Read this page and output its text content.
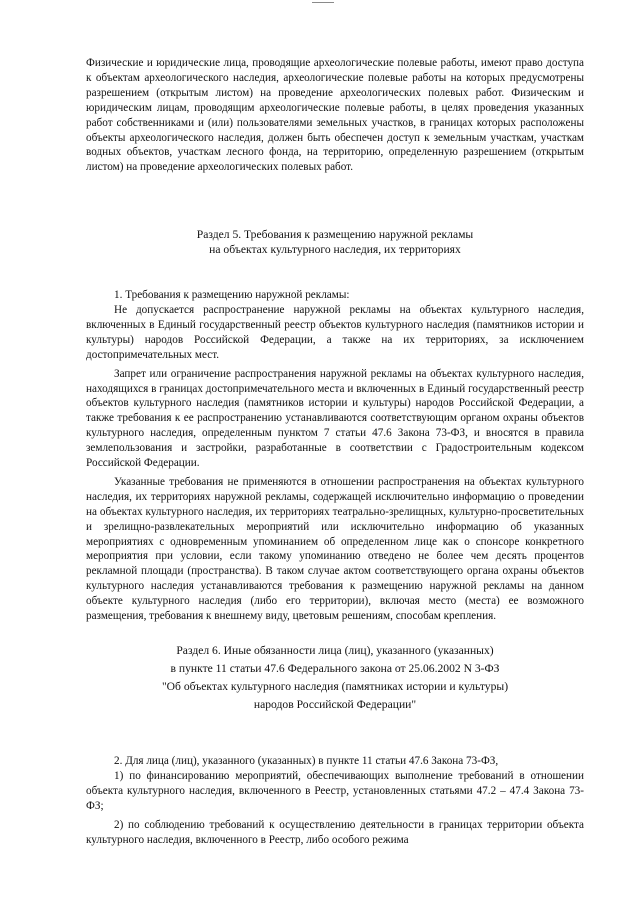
Физические и юридические лица, проводящие археологические полевые работы, имеют право доступа к объектам археологического наследия, археологические полевые работы на которых предусмотрены разрешением (открытым листом) на проведение археологических полевых работ. Физическим и юридическим лицам, проводящим археологические полевые работы, в целях проведения указанных работ собственниками и (или) пользователями земельных участков, в границах которых расположены объекты археологического наследия, должен быть обеспечен доступ к земельным участкам, участкам водных объектов, участкам лесного фонда, на территорию, определенную разрешением (открытым листом) на проведение археологических полевых работ.

Раздел 5. Требования к размещению наружной рекламы
на объектах культурного наследия, их территориях

1. Требования к размещению наружной рекламы:

Не допускается распространение наружной рекламы на объектах культурного наследия, включенных в Единый государственный реестр объектов культурного наследия (памятников истории и культуры) народов Российской Федерации, а также на их территориях, за исключением достопримечательных мест.

Запрет или ограничение распространения наружной рекламы на объектах культурного наследия, находящихся в границах достопримечательного места и включенных в Единый государственный реестр объектов культурного наследия (памятников истории и культуры) народов Российской Федерации, а также требования к ее распространению устанавливаются соответствующим органом охраны объектов культурного наследия, определенным пунктом 7 статьи 47.6 Закона 73-ФЗ, и вносятся в правила землепользования и застройки, разработанные в соответствии с Градостроительным кодексом Российской Федерации.

Указанные требования не применяются в отношении распространения на объектах культурного наследия, их территориях наружной рекламы, содержащей исключительно информацию о проведении на объектах культурного наследия, их территориях театрально-зрелищных, культурно-просветительных и зрелищно-развлекательных мероприятий или исключительно информацию об указанных мероприятиях с одновременным упоминанием об определенном лице как о спонсоре конкретного мероприятия при условии, если такому упоминанию отведено не более чем десять процентов рекламной площади (пространства). В таком случае актом соответствующего органа охраны объектов культурного наследия устанавливаются требования к размещению наружной рекламы на данном объекте культурного наследия (либо его территории), включая место (места) ее возможного размещения, требования к внешнему виду, цветовым решениям, способам крепления.

Раздел 6. Иные обязанности лица (лиц), указанного (указанных)
в пункте 11 статьи 47.6 Федерального закона от 25.06.2002 N 3-ФЗ
"Об объектах культурного наследия (памятниках истории и культуры)
народов Российской Федерации"

2. Для лица (лиц), указанного (указанных) в пункте 11 статьи 47.6 Закона 73-ФЗ,

1) по финансированию мероприятий, обеспечивающих выполнение требований в отношении объекта культурного наследия, включенного в Реестр, установленных статьями 47.2 – 47.4 Закона 73-ФЗ;

2) по соблюдению требований к осуществлению деятельности в границах территории объекта культурного наследия, включенного в Реестр, либо особого режима
